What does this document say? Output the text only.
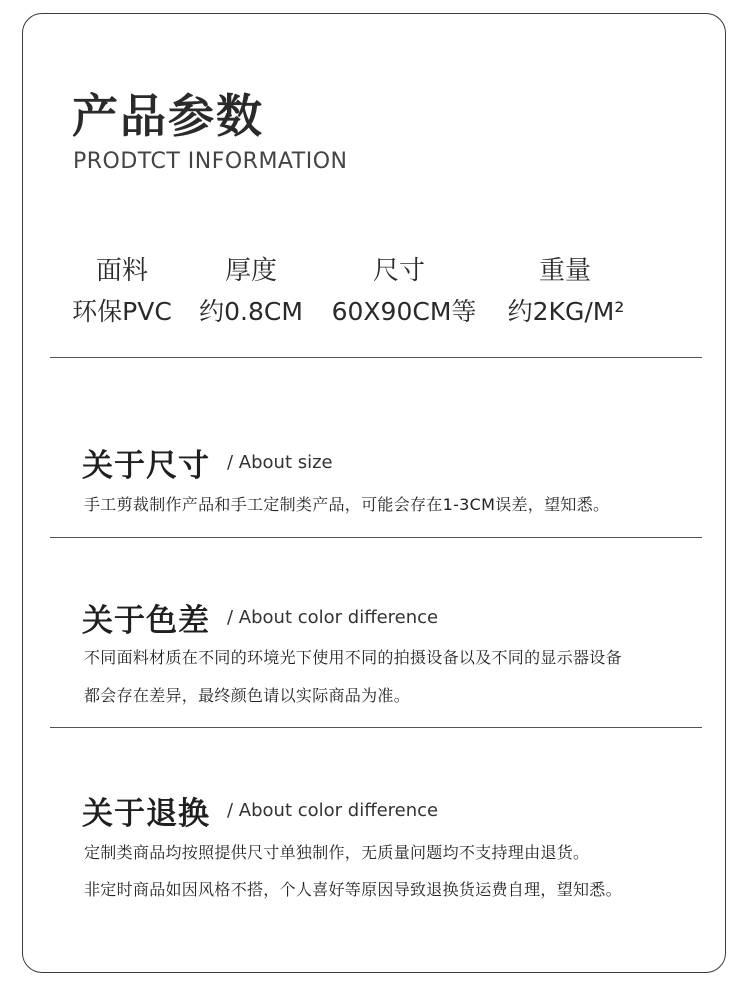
产品参数
PRODTCT INFORMATION
面料	厚度	尺寸	重量
环保PVC 约0.8CM 60X90CM等 约2KG/M²
关于尺寸 / About size
手工剪裁制作产品和手工定制类产品，可能会存在1-3CM误差，望知悉。
关于色差 / About color difference
不同面料材质在不同的环境光下使用不同的拍摄设备以及不同的显示器设备
都会存在差异，最终颜色请以实际商品为准。
关于退换 / About color difference
定制类商品均按照提供尺寸单独制作，无质量问题均不支持理由退货。
非定时商品如因风格不搭，个人喜好等原因导致退换货运费自理，望知悉。
